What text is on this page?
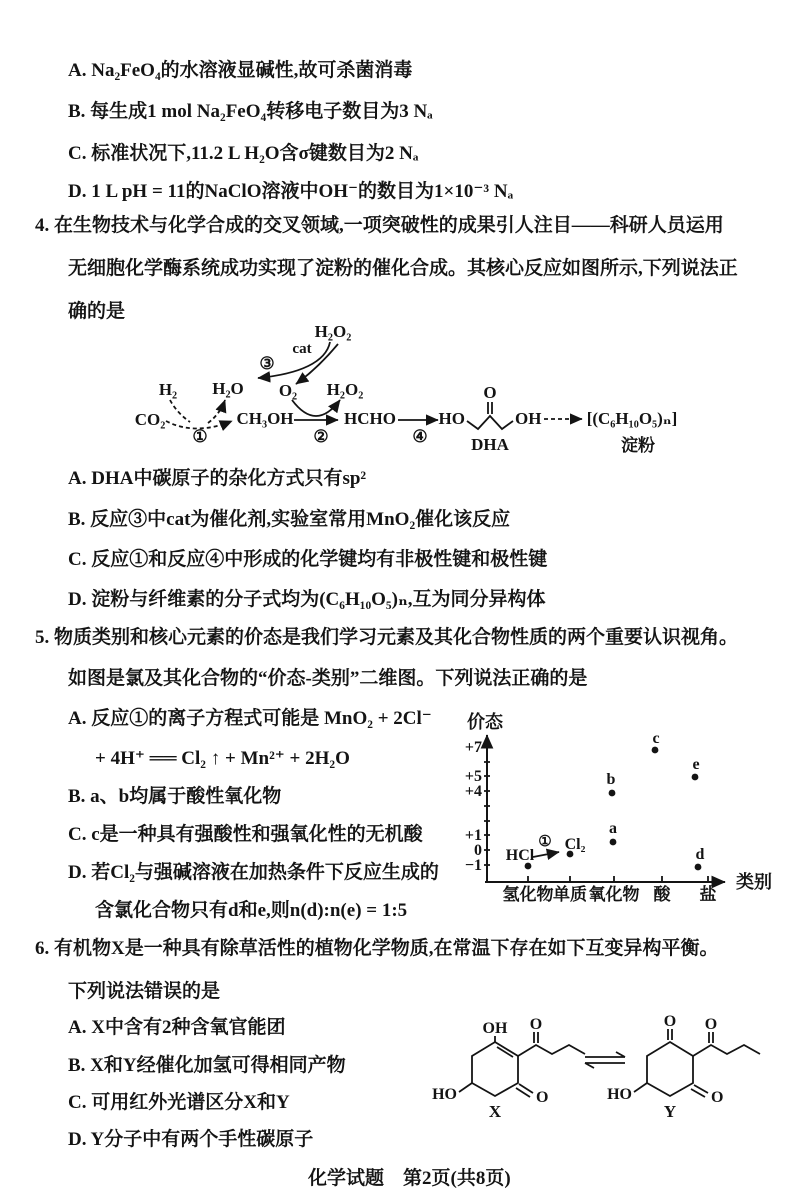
A. Na₂FeO₄的水溶液显碱性,故可杀菌消毒
B. 每生成1 mol Na₂FeO₄转移电子数目为3 Nₐ
C. 标准状况下,11.2 L H₂O含σ键数目为2 Nₐ
D. 1 L pH = 11的NaClO溶液中OH⁻的数目为1×10⁻³ Nₐ
4. 在生物技术与化学合成的交叉领域,一项突破性的成果引人注目——科研人员运用
无细胞化学酶系统成功实现了淀粉的催化合成。其核心反应如图所示,下列说法正
确的是
CO₂
H₂ H₂O
①
CH₃OH
②
O₂ H₂O₂
H₂O₂
cat
③
HCHO
④
HO
O
OH
DHA
[(C₆H₁₀O₅)ₙ]
淀粉
A. DHA中碳原子的杂化方式只有sp²
B. 反应③中cat为催化剂,实验室常用MnO₂催化该反应
C. 反应①和反应④中形成的化学键均有非极性键和极性键
D. 淀粉与纤维素的分子式均为(C₆H₁₀O₅)ₙ,互为同分异构体
5. 物质类别和核心元素的价态是我们学习元素及其化合物性质的两个重要认识视角。
如图是氯及其化合物的“价态-类别”二维图。下列说法正确的是
A. 反应①的离子方程式可能是 MnO₂ + 2Cl⁻
+ 4H⁺ ══ Cl₂ ↑ + Mn²⁺ + 2H₂O
B. a、b均属于酸性氧化物
C. c是一种具有强酸性和强氧化性的无机酸
D. 若Cl₂与强碱溶液在加热条件下反应生成的
含氯化合物只有d和e,则n(d):n(e) = 1:5
价态
类别
+7
+5
+4
+1
0
−1
氢化物 单质 氧化物 酸 盐
HCl
① Cl₂
a
b
c
d
e
6. 有机物X是一种具有除草活性的植物化学物质,在常温下存在如下互变异构平衡。
下列说法错误的是
A. X中含有2种含氧官能团
B. X和Y经催化加氢可得相同产物
C. 可用红外光谱区分X和Y
D. Y分子中有两个手性碳原子
OH O
O
HO
X
O O
O
HO
Y
化学试题　第2页(共8页)
